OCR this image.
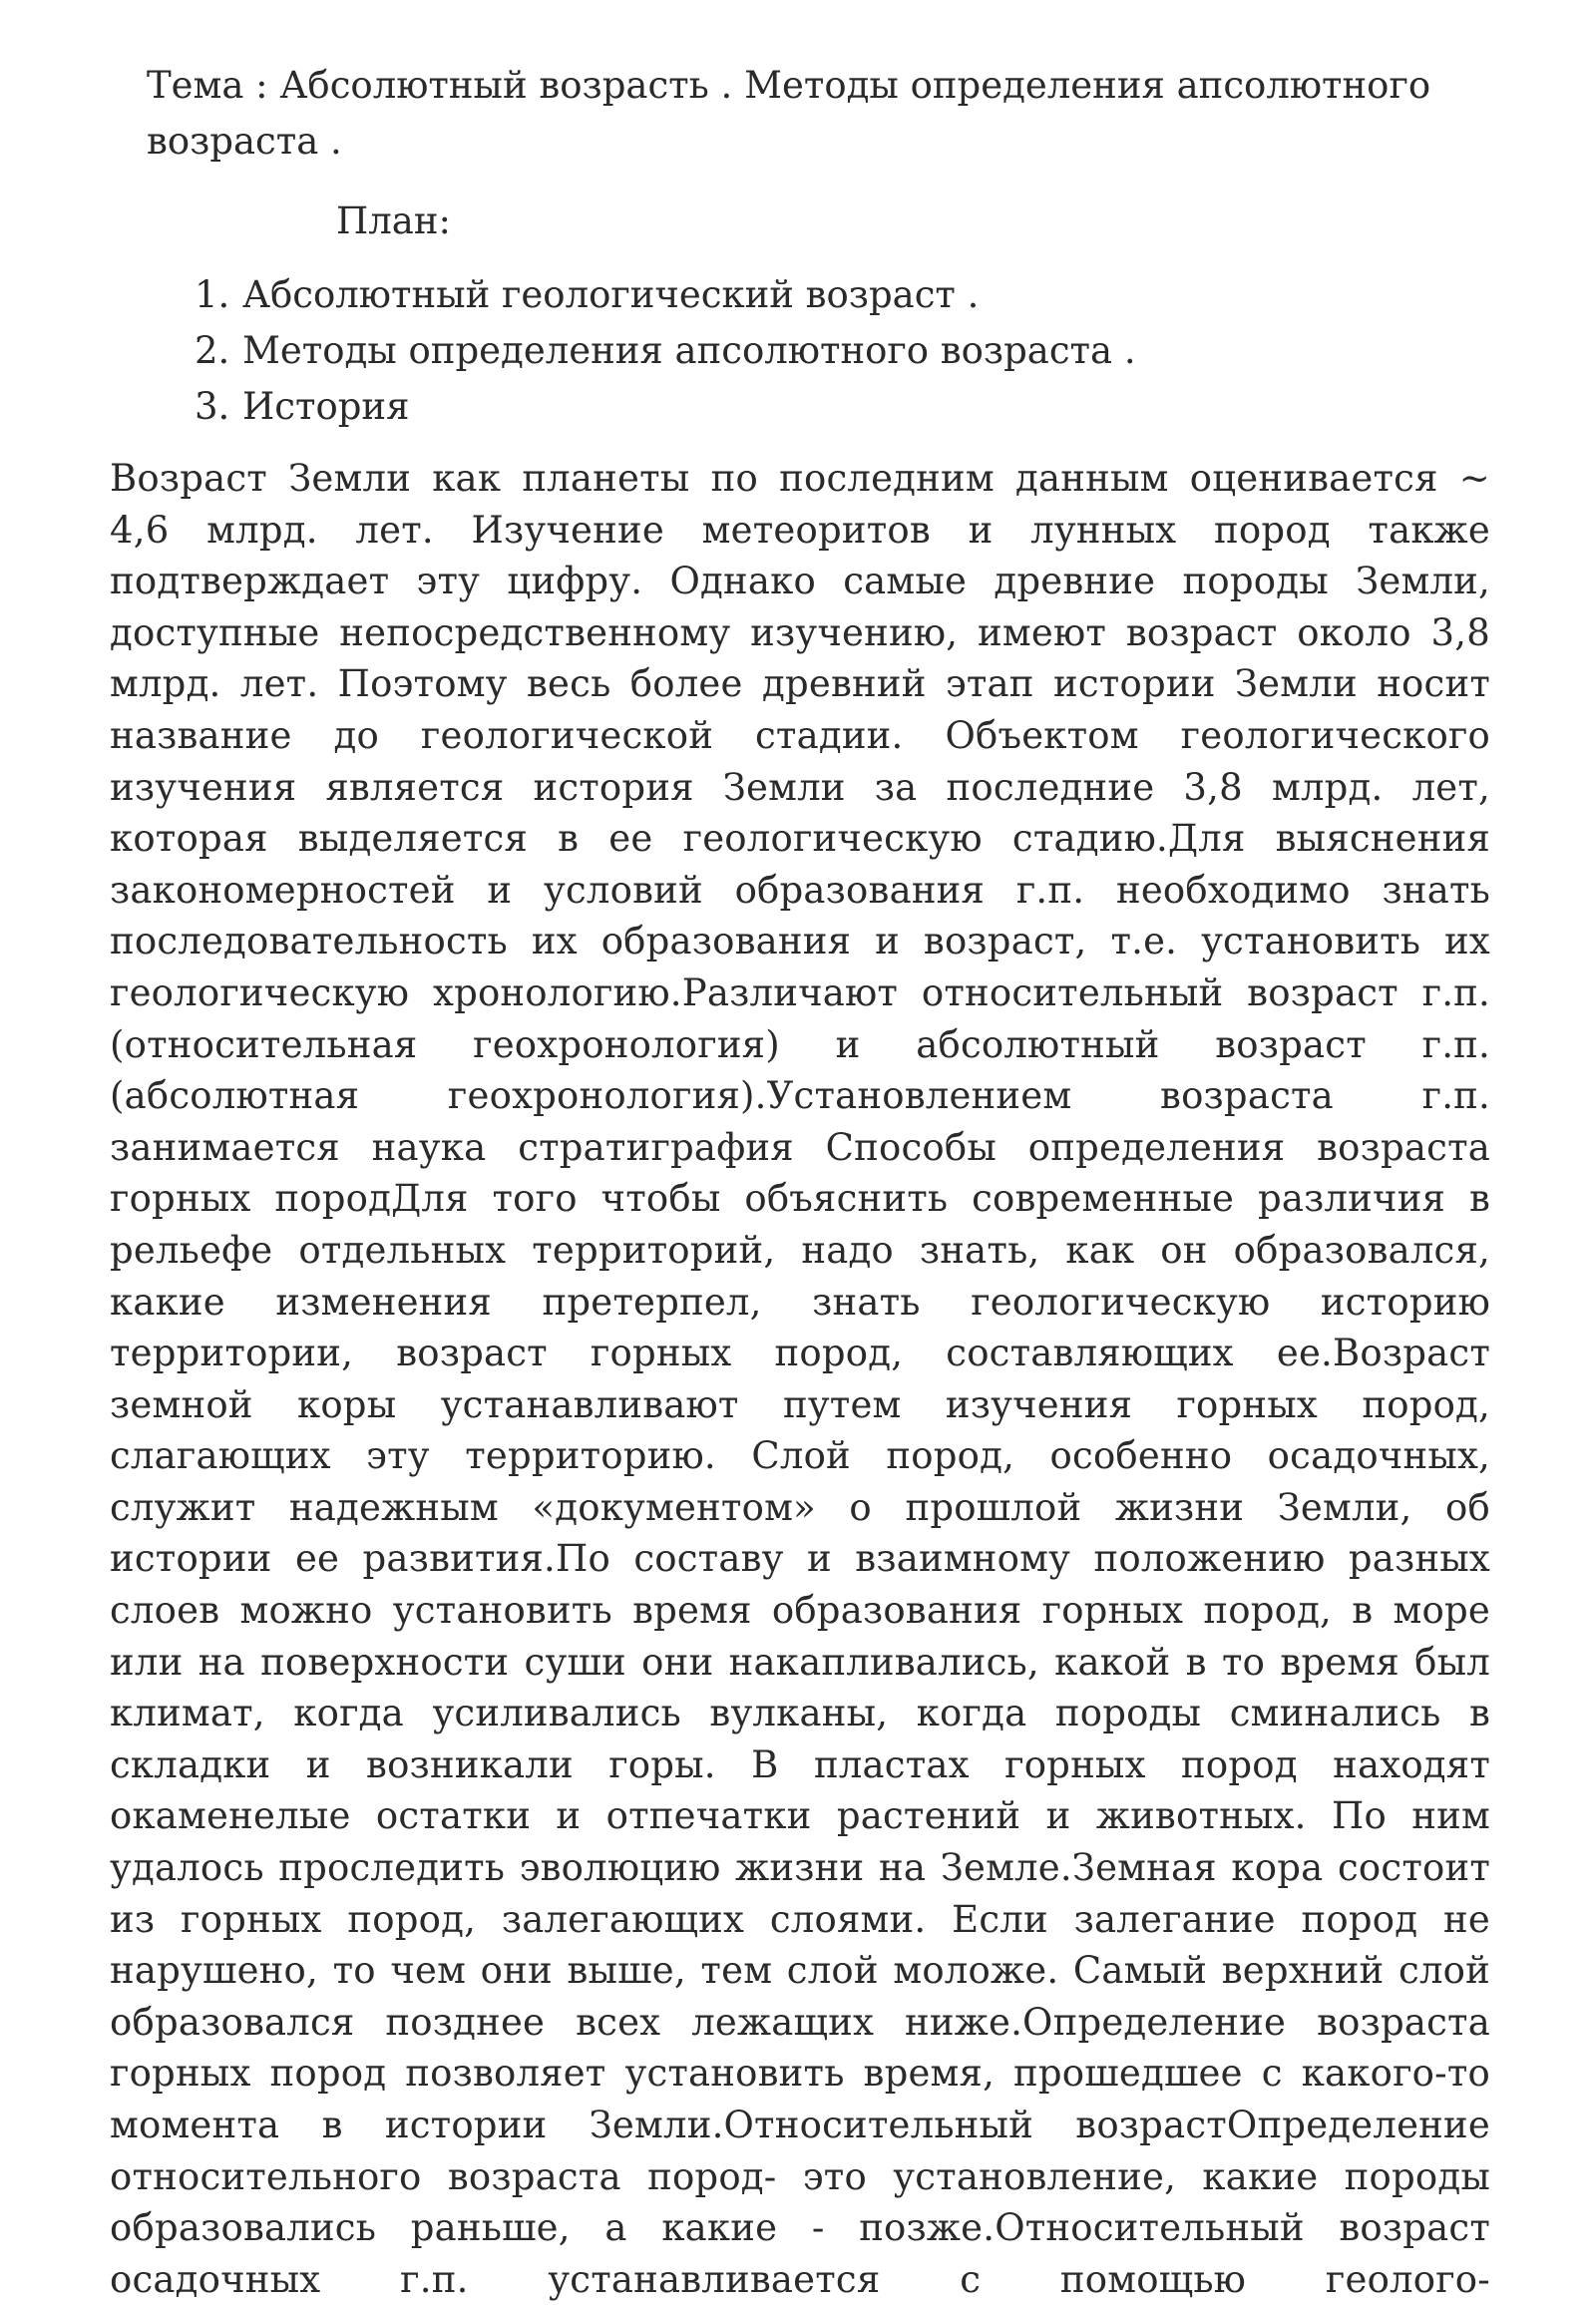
Тема : Абсолютный возрасть . Методы определения апсолютного возраста .
План:
1. Абсолютный геологический возраст .
2. Методы определения апсолютного возраста .
3. История

Возраст Земли как планеты по последним данным оценивается ~ 4,6 млрд. лет. Изучение метеоритов и лунных пород также подтверждает эту цифру. Однако самые древние породы Земли, доступные непосредственному изучению, имеют возраст около 3,8 млрд. лет. Поэтому весь более древний этап истории Земли носит название до геологической стадии. Объектом геологического изучения является история Земли за последние 3,8 млрд. лет, которая выделяется в ее геологическую стадию.Для выяснения закономерностей и условий образования г.п. необходимо знать последовательность их образования и возраст, т.е. установить их геологическую хронологию.Различают относительный возраст г.п. (относительная геохронология) и абсолютный возраст г.п. (абсолютная геохронология).Установлением возраста г.п. занимается наука стратиграфия Способы определения возраста горных породДля того чтобы объяснить современные различия в рельефе отдельных территорий, надо знать, как он образовался, какие изменения претерпел, знать геологическую историю территории, возраст горных пород, составляющих ее.Возраст земной коры устанавливают путем изучения горных пород, слагающих эту территорию. Слой пород, особенно осадочных, служит надежным «документом» о прошлой жизни Земли, об истории ее развития.По составу и взаимному положению разных слоев можно установить время образования горных пород, в море или на поверхности суши они накапливались, какой в то время был климат, когда усиливались вулканы, когда породы сминались в складки и возникали горы. В пластах горных пород находят окаменелые остатки и отпечатки растений и животных. По ним удалось проследить эволюцию жизни на Земле.Земная кора состоит из горных пород, залегающих слоями. Если залегание пород не нарушено, то чем они выше, тем слой моложе. Самый верхний слой образовался позднее всех лежащих ниже.Определение возраста горных пород позволяет установить время, прошедшее с какого-то момента в истории Земли.Относительный возрастОпределение относительного возраста пород- это установление, какие породы образовались раньше, а какие - позже.Относительный возраст осадочных г.п. устанавливается с помощью геолого-
